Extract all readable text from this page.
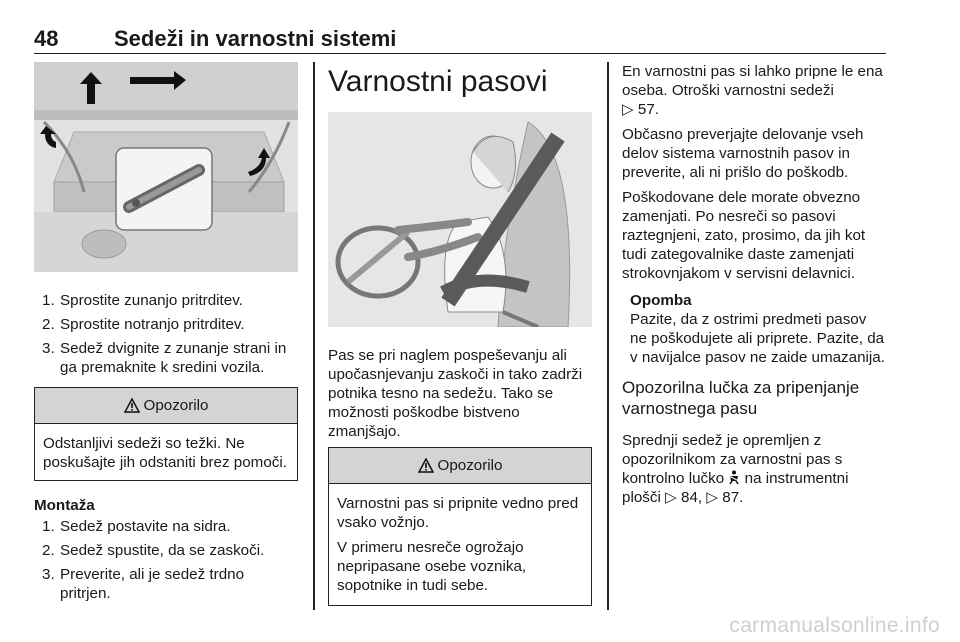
48	Sedeži in varnostni sistemi
1. Sprostite zunanjo pritrditev.
2. Sprostite notranjo pritrditev.
3. Sedež dvignite z zunanje strani in ga premaknite k sredini vozila.
Opozorilo
Odstanljivi sedeži so težki. Ne poskušajte jih odstaniti brez pomoči.
Montaža
1. Sedež postavite na sidra.
2. Sedež spustite, da se zaskoči.
3. Preverite, ali je sedež trdno pritrjen.
Varnostni pasovi
Pas se pri naglem pospeševanju ali upočasnjevanju zaskoči in tako zadrži potnika tesno na sedežu. Tako se možnosti poškodbe bistveno zmanjšajo.
Opozorilo
Varnostni pas si pripnite vedno pred vsako vožnjo.
V primeru nesreče ogrožajo nepripasane osebe voznika, sopotnike in tudi sebe.
En varnostni pas si lahko pripne le ena oseba. Otroški varnostni sedeži
▷ 57.
Občasno preverjajte delovanje vseh delov sistema varnostnih pasov in preverite, ali ni prišlo do poškodb.
Poškodovane dele morate obvezno zamenjati. Po nesreči so pasovi raztegnjeni, zato, prosimo, da jih kot tudi zategovalnike daste zamenjati strokovnjakom v servisni delavnici.
Opomba
Pazite, da z ostrimi predmeti pasov ne poškodujete ali priprete. Pazite, da v navijalce pasov ne zaide umazanija.
Opozorilna lučka za pripenjanje varnostnega pasu
Sprednji sedež je opremljen z opozorilnikom za varnostni pas s kontrolno lučko na instrumentni plošči ▷ 84, ▷ 87.
carmanualsonline.info
